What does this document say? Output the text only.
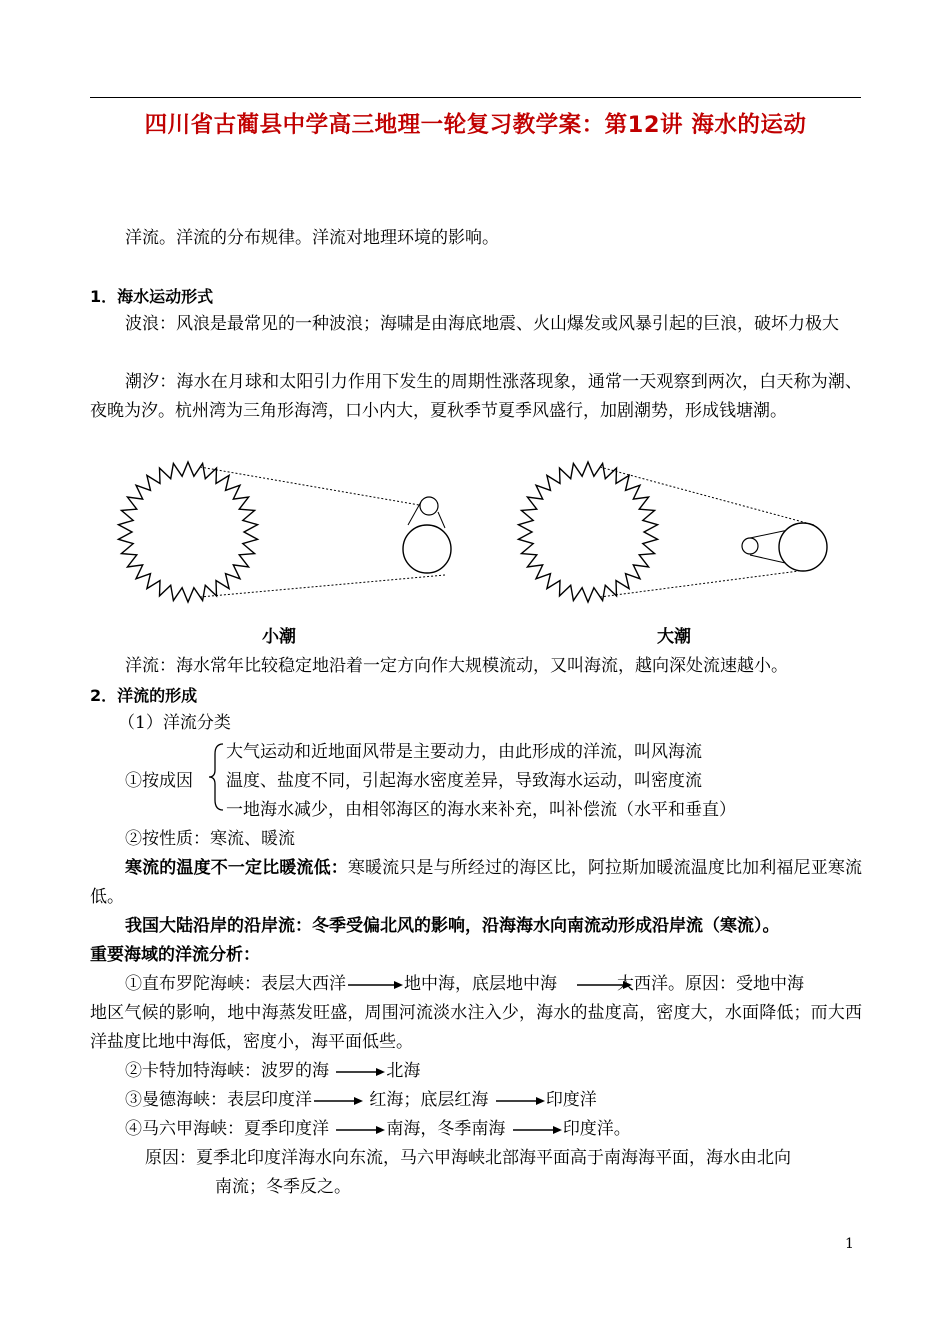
四川省古蔺县中学高三地理一轮复习教学案：第12讲 海水的运动
洋流。洋流的分布规律。洋流对地理环境的影响。
1．海水运动形式
波浪：风浪是最常见的一种波浪；海啸是由海底地震、火山爆发或风暴引起的巨浪，破坏力极大
潮汐：海水在月球和太阳引力作用下发生的周期性涨落现象，通常一天观察到两次，白天称为潮、夜晚为汐。杭州湾为三角形海湾，口小内大，夏秋季节夏季风盛行，加剧潮势，形成钱塘潮。
小潮	大潮
洋流：海水常年比较稳定地沿着一定方向作大规模流动，又叫海流，越向深处流速越小。
2．洋流的形成
（1）洋流分类
①按成因
大气运动和近地面风带是主要动力，由此形成的洋流，叫风海流
温度、盐度不同，引起海水密度差异，导致海水运动，叫密度流
一地海水减少，由相邻海区的海水来补充，叫补偿流（水平和垂直）
②按性质：寒流、暖流
寒流的温度不一定比暖流低：寒暖流只是与所经过的海区比，阿拉斯加暖流温度比加利福尼亚寒流低。
我国大陆沿岸的沿岸流：冬季受偏北风的影响，沿海海水向南流动形成沿岸流（寒流）。
重要海域的洋流分析：
①直布罗陀海峡：表层大西洋	地中海，底层地中海	大西洋。原因：受地中海
地区气候的影响，地中海蒸发旺盛，周围河流淡水注入少，海水的盐度高，密度大，水面降低；而大西洋盐度比地中海低，密度小，海平面低些。
②卡特加特海峡：波罗的海	北海
③曼德海峡：表层印度洋	红海；底层红海	印度洋
④马六甲海峡：夏季印度洋	南海，冬季南海	印度洋。
原因：夏季北印度洋海水向东流，马六甲海峡北部海平面高于南海海平面，海水由北向
南流；冬季反之。
1
